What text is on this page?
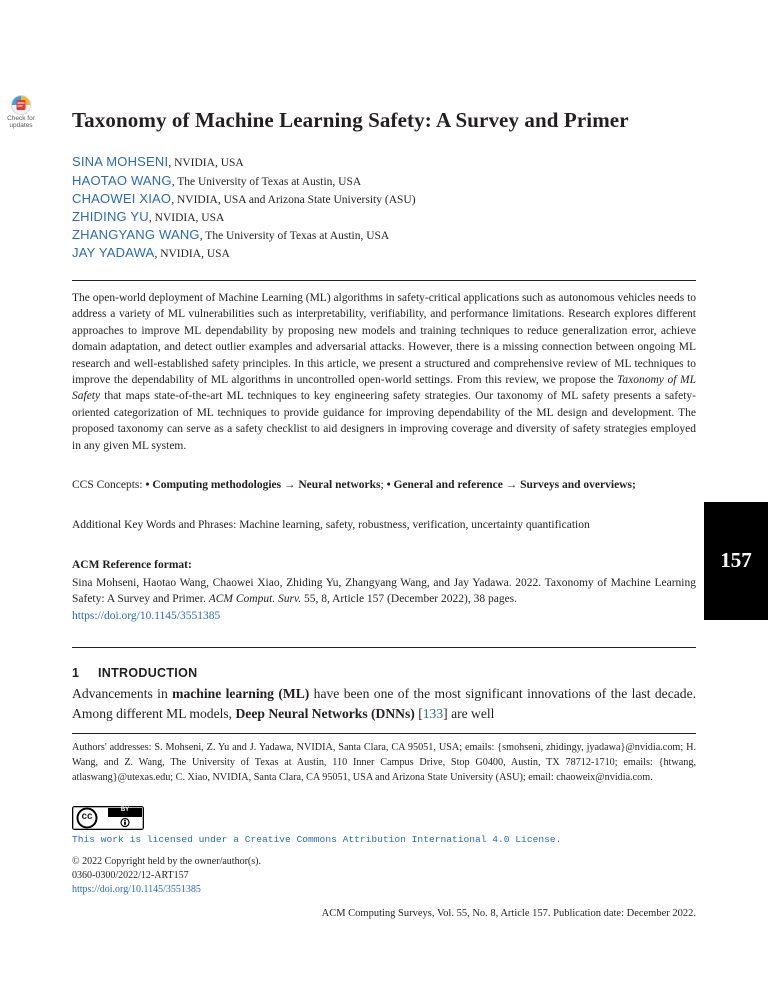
Check for
updates	Taxonomy of Machine Learning Safety: A Survey and Primer
SINA MOHSENI, NVIDIA, USA
HAOTAO WANG, The University of Texas at Austin, USA
CHAOWEI XIAO, NVIDIA, USA and Arizona State University (ASU)
ZHIDING YU, NVIDIA, USA
ZHANGYANG WANG, The University of Texas at Austin, USA
JAY YADAWA, NVIDIA, USA
The open-world deployment of Machine Learning (ML) algorithms in safety-critical applications such as autonomous vehicles needs to address a variety of ML vulnerabilities such as interpretability, verifiability, and performance limitations. Research explores different approaches to improve ML dependability by proposing new models and training techniques to reduce generalization error, achieve domain adaptation, and detect outlier examples and adversarial attacks. However, there is a missing connection between ongoing ML research and well-established safety principles. In this article, we present a structured and comprehensive review of ML techniques to improve the dependability of ML algorithms in uncontrolled open-world settings. From this review, we propose the Taxonomy of ML Safety that maps state-of-the-art ML techniques to key engineering safety strategies. Our taxonomy of ML safety presents a safety-oriented categorization of ML techniques to provide guidance for improving dependability of the ML design and development. The proposed taxonomy can serve as a safety checklist to aid designers in improving coverage and diversity of safety strategies employed in any given ML system.
CCS Concepts: • Computing methodologies → Neural networks; • General and reference → Surveys and overviews;
Additional Key Words and Phrases: Machine learning, safety, robustness, verification, uncertainty quantification
ACM Reference format:
Sina Mohseni, Haotao Wang, Chaowei Xiao, Zhiding Yu, Zhangyang Wang, and Jay Yadawa. 2022. Taxonomy of Machine Learning Safety: A Survey and Primer. ACM Comput. Surv. 55, 8, Article 157 (December 2022), 38 pages.
https://doi.org/10.1145/3551385
157
1 INTRODUCTION
Advancements in machine learning (ML) have been one of the most significant innovations of the last decade. Among different ML models, Deep Neural Networks (DNNs) [133] are well
Authors' addresses: S. Mohseni, Z. Yu and J. Yadawa, NVIDIA, Santa Clara, CA 95051, USA; emails: {smohseni, zhidingy, jyadawa}@nvidia.com; H. Wang, and Z. Wang, The University of Texas at Austin, 110 Inner Campus Drive, Stop G0400, Austin, TX 78712-1710; emails: {htwang, atlaswang}@utexas.edu; C. Xiao, NVIDIA, Santa Clara, CA 95051, USA and Arizona State University (ASU); email: chaoweix@nvidia.com.
cc
BY
This work is licensed under a Creative Commons Attribution International 4.0 License.
© 2022 Copyright held by the owner/author(s).
0360-0300/2022/12-ART157
https://doi.org/10.1145/3551385
ACM Computing Surveys, Vol. 55, No. 8, Article 157. Publication date: December 2022.
